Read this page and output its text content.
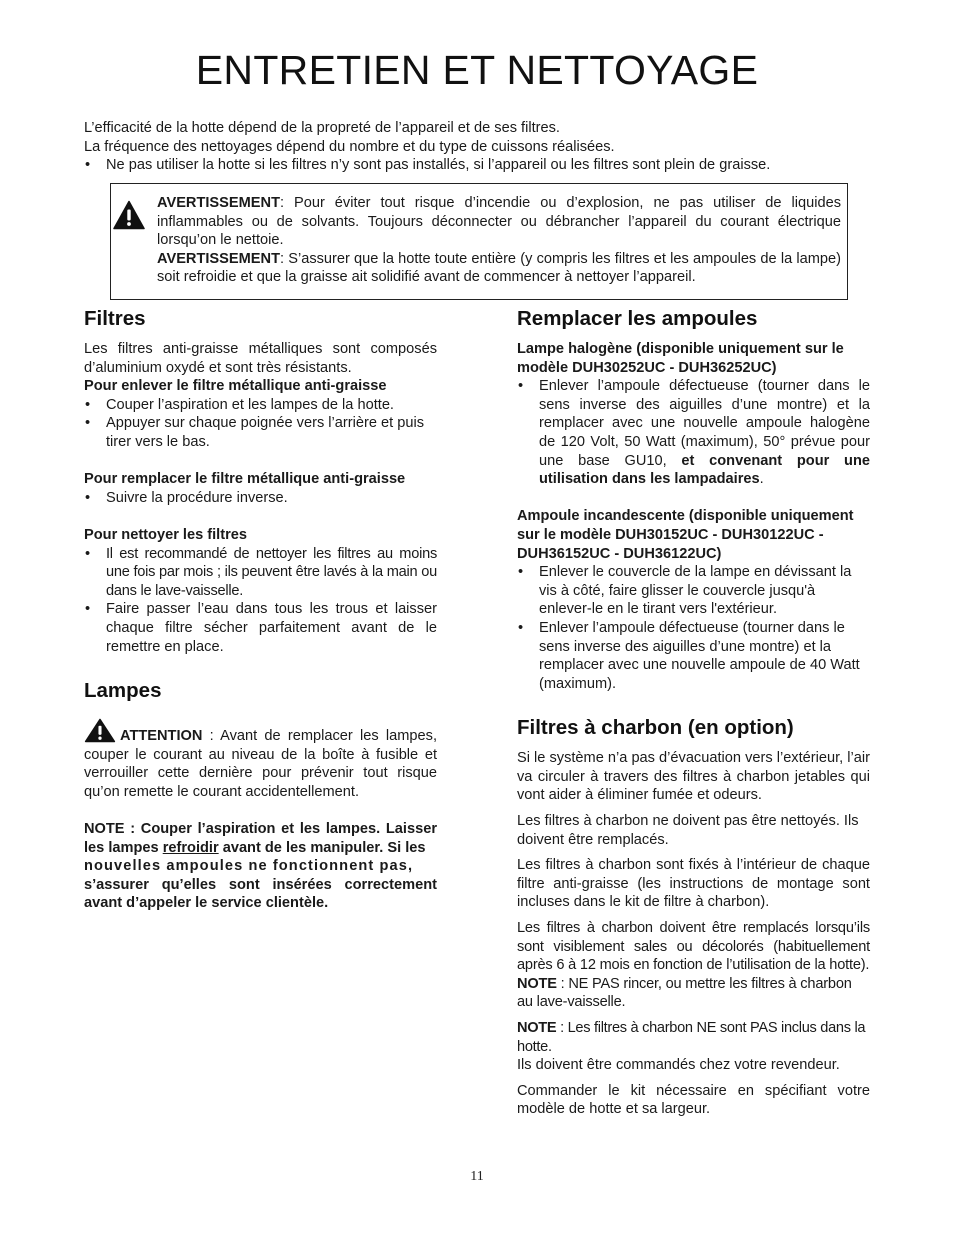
ENTRETIEN ET NETTOYAGE

L’efficacité de la hotte dépend de la propreté de l’appareil et de ses filtres.

La fréquence des nettoyages dépend du nombre et du type de cuissons réalisées.

• Ne pas utiliser la hotte si les filtres n’y sont pas installés, si l’appareil ou les filtres sont plein de graisse.

AVERTISSEMENT: Pour éviter tout risque d’incendie ou d’explosion, ne pas utiliser de liquides inflammables ou de solvants. Toujours déconnecter ou débrancher l’appareil du courant électrique lorsqu’on le nettoie.

AVERTISSEMENT: S’assurer que la hotte toute entière (y compris les filtres et les ampoules de la lampe) soit refroidie et que la graisse ait solidifié avant de commencer à nettoyer l’appareil.

Filtres

Les filtres anti-graisse métalliques sont composés d’aluminium oxydé et sont très résistants.

Pour enlever le filtre métallique anti-graisse

• Couper l’aspiration et les lampes de la hotte.

• Appuyer sur chaque poignée vers l’arrière et puis tirer vers le bas.

Pour remplacer le filtre métallique anti-graisse

• Suivre la procédure inverse.

Pour nettoyer les filtres

• Il est recommandé de nettoyer les filtres au moins une fois par mois ; ils peuvent être lavés à la main ou dans le lave-vaisselle.

• Faire passer l’eau dans tous les trous et laisser chaque filtre sécher parfaitement avant de le remettre en place.

Lampes

ATTENTION : Avant de remplacer les lampes, couper le courant au niveau de la boîte à fusible et verrouiller cette dernière pour prévenir tout risque qu’on remette le courant accidentellement.

NOTE : Couper l’aspiration et les lampes. Laisser les lampes refroidir avant de les manipuler. Si les
nouvelles ampoules ne fonctionnent pas,
s’assurer qu’elles sont insérées correctement avant d’appeler le service clientèle.

Remplacer les ampoules

Lampe halogène (disponible uniquement sur le modèle DUH30252UC - DUH36252UC)

• Enlever l’ampoule défectueuse (tourner dans le sens inverse des aiguilles d’une montre) et la remplacer avec une nouvelle ampoule halogène de 120 Volt, 50 Watt (maximum), 50° prévue pour une base GU10, et convenant pour une utilisation dans les lampadaires.

Ampoule incandescente (disponible uniquement sur le modèle DUH30152UC - DUH30122UC - DUH36152UC - DUH36122UC)

• Enlever le couvercle de la lampe en dévissant la vis à côté, faire glisser le couvercle jusqu'à enlever-le en le tirant vers l'extérieur.

• Enlever l’ampoule défectueuse (tourner dans le sens inverse des aiguilles d’une montre) et la remplacer avec une nouvelle ampoule de 40 Watt (maximum).

Filtres à charbon (en option)

Si le système n’a pas d’évacuation vers l’extérieur, l’air va circuler à travers des filtres à charbon jetables qui vont aider à éliminer fumée et odeurs.

Les filtres à charbon ne doivent pas être nettoyés. Ils doivent être remplacés.

Les filtres à charbon sont fixés à l’intérieur de chaque filtre anti-graisse (les instructions de montage sont incluses dans le kit de filtre à charbon).

Les filtres à charbon doivent être remplacés lorsqu’ils sont visiblement sales ou décolorés (habituellement après 6 à 12 mois en fonction de l’utilisation de la hotte).

NOTE : NE PAS rincer, ou mettre les filtres à charbon au lave-vaisselle.

NOTE : Les filtres à charbon NE sont PAS inclus dans la hotte.

Ils doivent être commandés chez votre revendeur.

Commander le kit nécessaire en spécifiant votre modèle de hotte et sa largeur.

11
